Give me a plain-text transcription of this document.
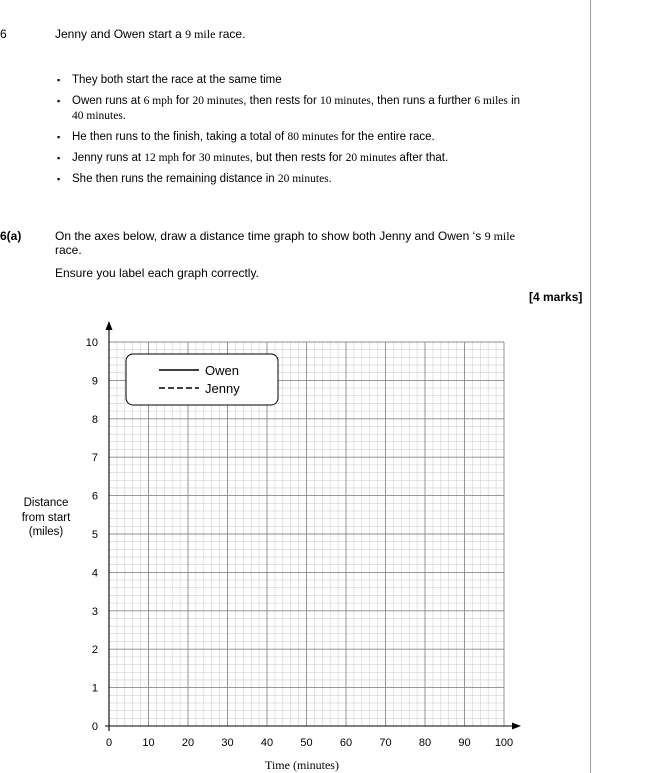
6	Jenny and Owen start a 9 mile race.
▪ They both start the race at the same time
▪ Owen runs at 6 mph for 20 minutes, then rests for 10 minutes, then runs a further 6 miles in 40 minutes.
▪ He then runs to the finish, taking a total of 80 minutes for the entire race.
▪ Jenny runs at 12 mph for 30 minutes, but then rests for 20 minutes after that.
▪ She then runs the remaining distance in 20 minutes.
6(a)	On the axes below, draw a distance time graph to show both Jenny and Owen ‘s 9 mile race.
Ensure you label each graph correctly.
[4 marks]
0
1
2
3
4
5
6
7
8
9
10
0	10 20 30 40 50 60 70 80 90 100
Owen
Jenny
Distance
from start
(miles)
Time (minutes)
